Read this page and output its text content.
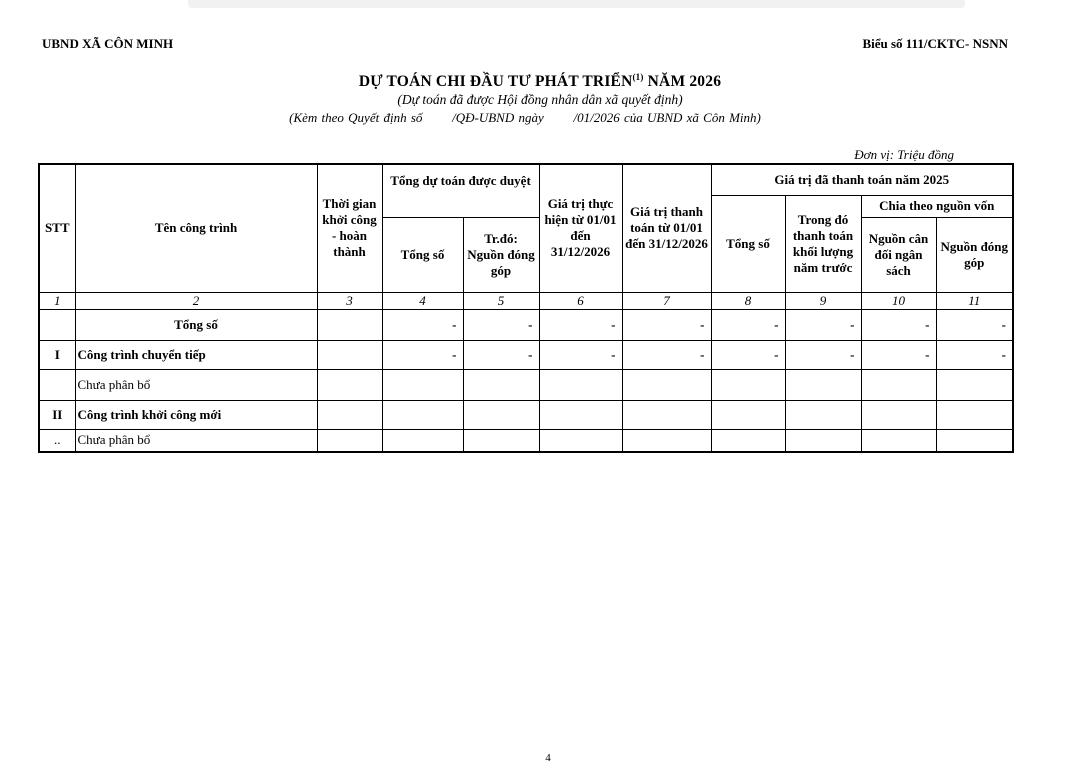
UBND XÃ CÔN MINH	Biểu số 111/CKTC- NSNN
DỰ TOÁN CHI ĐẦU TƯ PHÁT TRIỂN$^{(1)}$ NĂM 2026
(Dự toán đã được Hội đồng nhân dân xã quyết định)
(Kèm theo Quyết định số       /QĐ-UBND ngày       /01/2026 của UBND xã Côn Minh)
Đơn vị: Triệu đồng
STT	Tên công trình	Thời gian khởi công - hoàn thành	Tổng dự toán được duyệt		Giá trị thực hiện từ 01/01 đến 31/12/2026	Giá trị thanh toán từ 01/01 đến 31/12/2026	Giá trị đã thanh toán năm 2025			
							Tổng số	Trong đó thanh toán khối lượng năm trước	Chia theo nguồn vốn	
			Tổng số	Tr.đó: Nguồn đóng góp					Nguồn cân đối ngân sách	Nguồn đóng góp
1	2	3	4	5	6	7	8	9	10	11
	Tổng số		-	-	-	-	-	-	-	-
I	Công trình chuyển tiếp		-	-	-	-	-	-	-	-
	Chưa phân bổ									
II	Công trình khởi công mới									
..	Chưa phân bổ									
4
